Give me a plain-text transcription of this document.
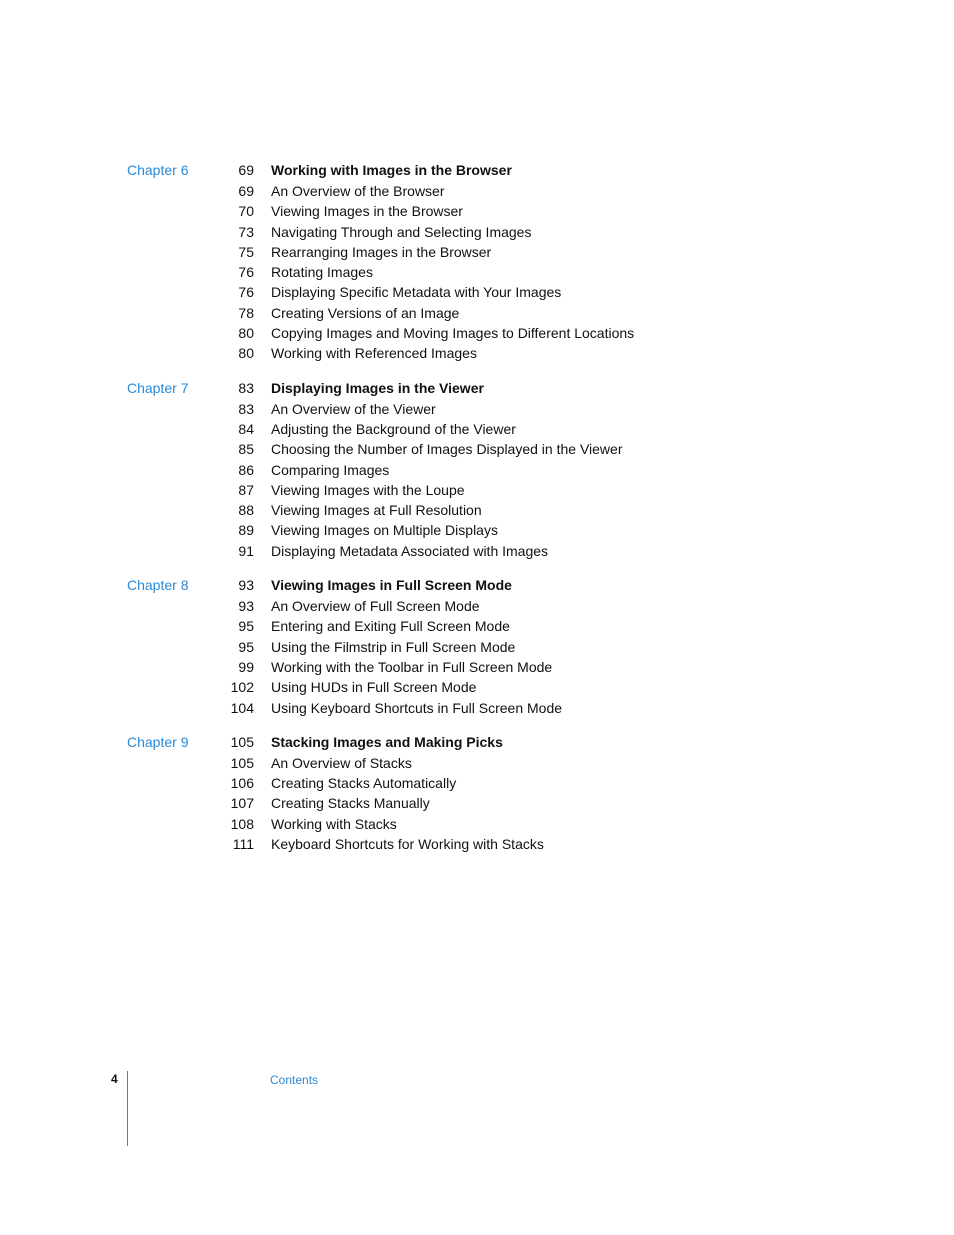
Chapter 6	69 Working with Images in the Browser
69 An Overview of the Browser
70 Viewing Images in the Browser
73 Navigating Through and Selecting Images
75 Rearranging Images in the Browser
76 Rotating Images
76 Displaying Specific Metadata with Your Images
78 Creating Versions of an Image
80 Copying Images and Moving Images to Different Locations
80 Working with Referenced Images
Chapter 7	83 Displaying Images in the Viewer
83 An Overview of the Viewer
84 Adjusting the Background of the Viewer
85 Choosing the Number of Images Displayed in the Viewer
86 Comparing Images
87 Viewing Images with the Loupe
88 Viewing Images at Full Resolution
89 Viewing Images on Multiple Displays
91 Displaying Metadata Associated with Images
Chapter 8	93 Viewing Images in Full Screen Mode
93 An Overview of Full Screen Mode
95 Entering and Exiting Full Screen Mode
95 Using the Filmstrip in Full Screen Mode
99 Working with the Toolbar in Full Screen Mode
102 Using HUDs in Full Screen Mode
104 Using Keyboard Shortcuts in Full Screen Mode
Chapter 9	105 Stacking Images and Making Picks
105 An Overview of Stacks
106 Creating Stacks Automatically
107 Creating Stacks Manually
108 Working with Stacks
111 Keyboard Shortcuts for Working with Stacks
4	Contents
